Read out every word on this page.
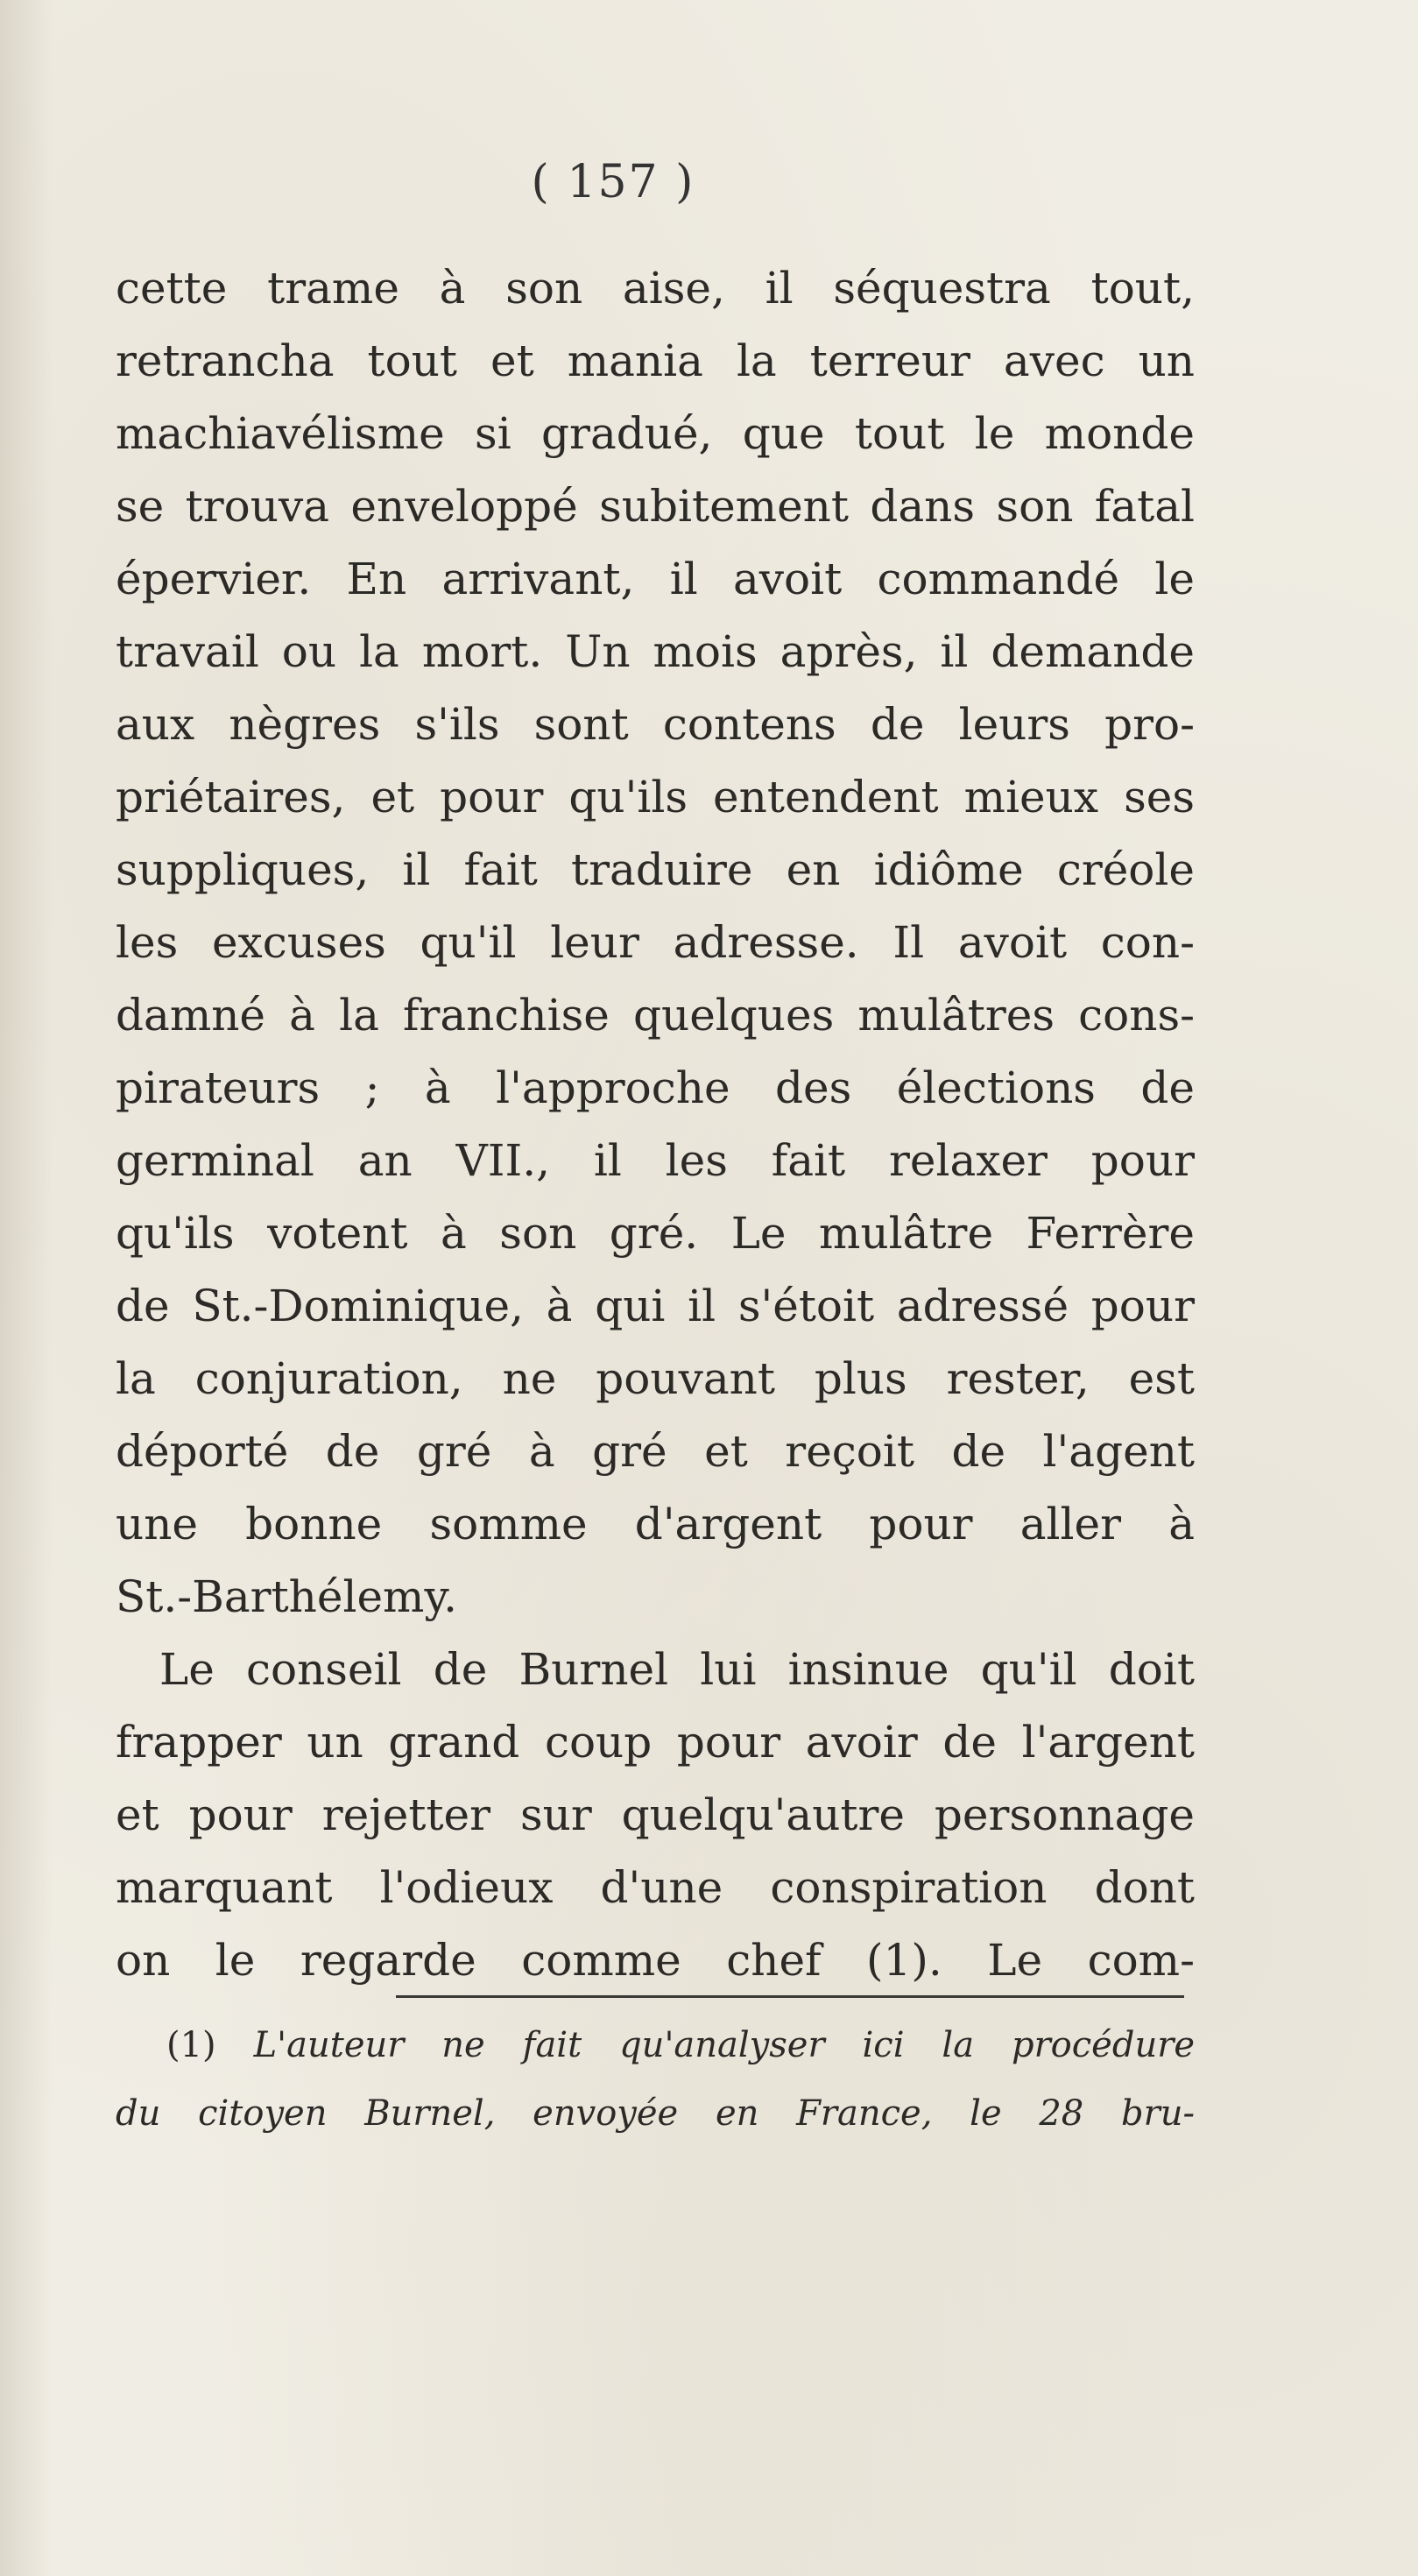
( 157 )
cette trame à son aise, il séquestra tout,
retrancha tout et mania la terreur avec un
machiavélisme si gradué, que tout le monde
se trouva enveloppé subitement dans son fatal
épervier. En arrivant, il avoit commandé le
travail ou la mort. Un mois après, il demande
aux nègres s'ils sont contens de leurs pro-
priétaires, et pour qu'ils entendent mieux ses
suppliques, il fait traduire en idiôme créole
les excuses qu'il leur adresse. Il avoit con-
damné à la franchise quelques mulâtres cons-
pirateurs ; à l'approche des élections de
germinal an VII., il les fait relaxer pour
qu'ils votent à son gré. Le mulâtre Ferrère
de St.-Dominique, à qui il s'étoit adressé pour
la conjuration, ne pouvant plus rester, est
déporté de gré à gré et reçoit de l'agent
une bonne somme d'argent pour aller à
St.-Barthélemy.
Le conseil de Burnel lui insinue qu'il doit
frapper un grand coup pour avoir de l'argent
et pour rejetter sur quelqu'autre personnage
marquant l'odieux d'une conspiration dont
on le regarde comme chef (1). Le com-
(1) L'auteur ne fait qu'analyser ici la procédure
du citoyen Burnel, envoyée en France, le 28 bru-
